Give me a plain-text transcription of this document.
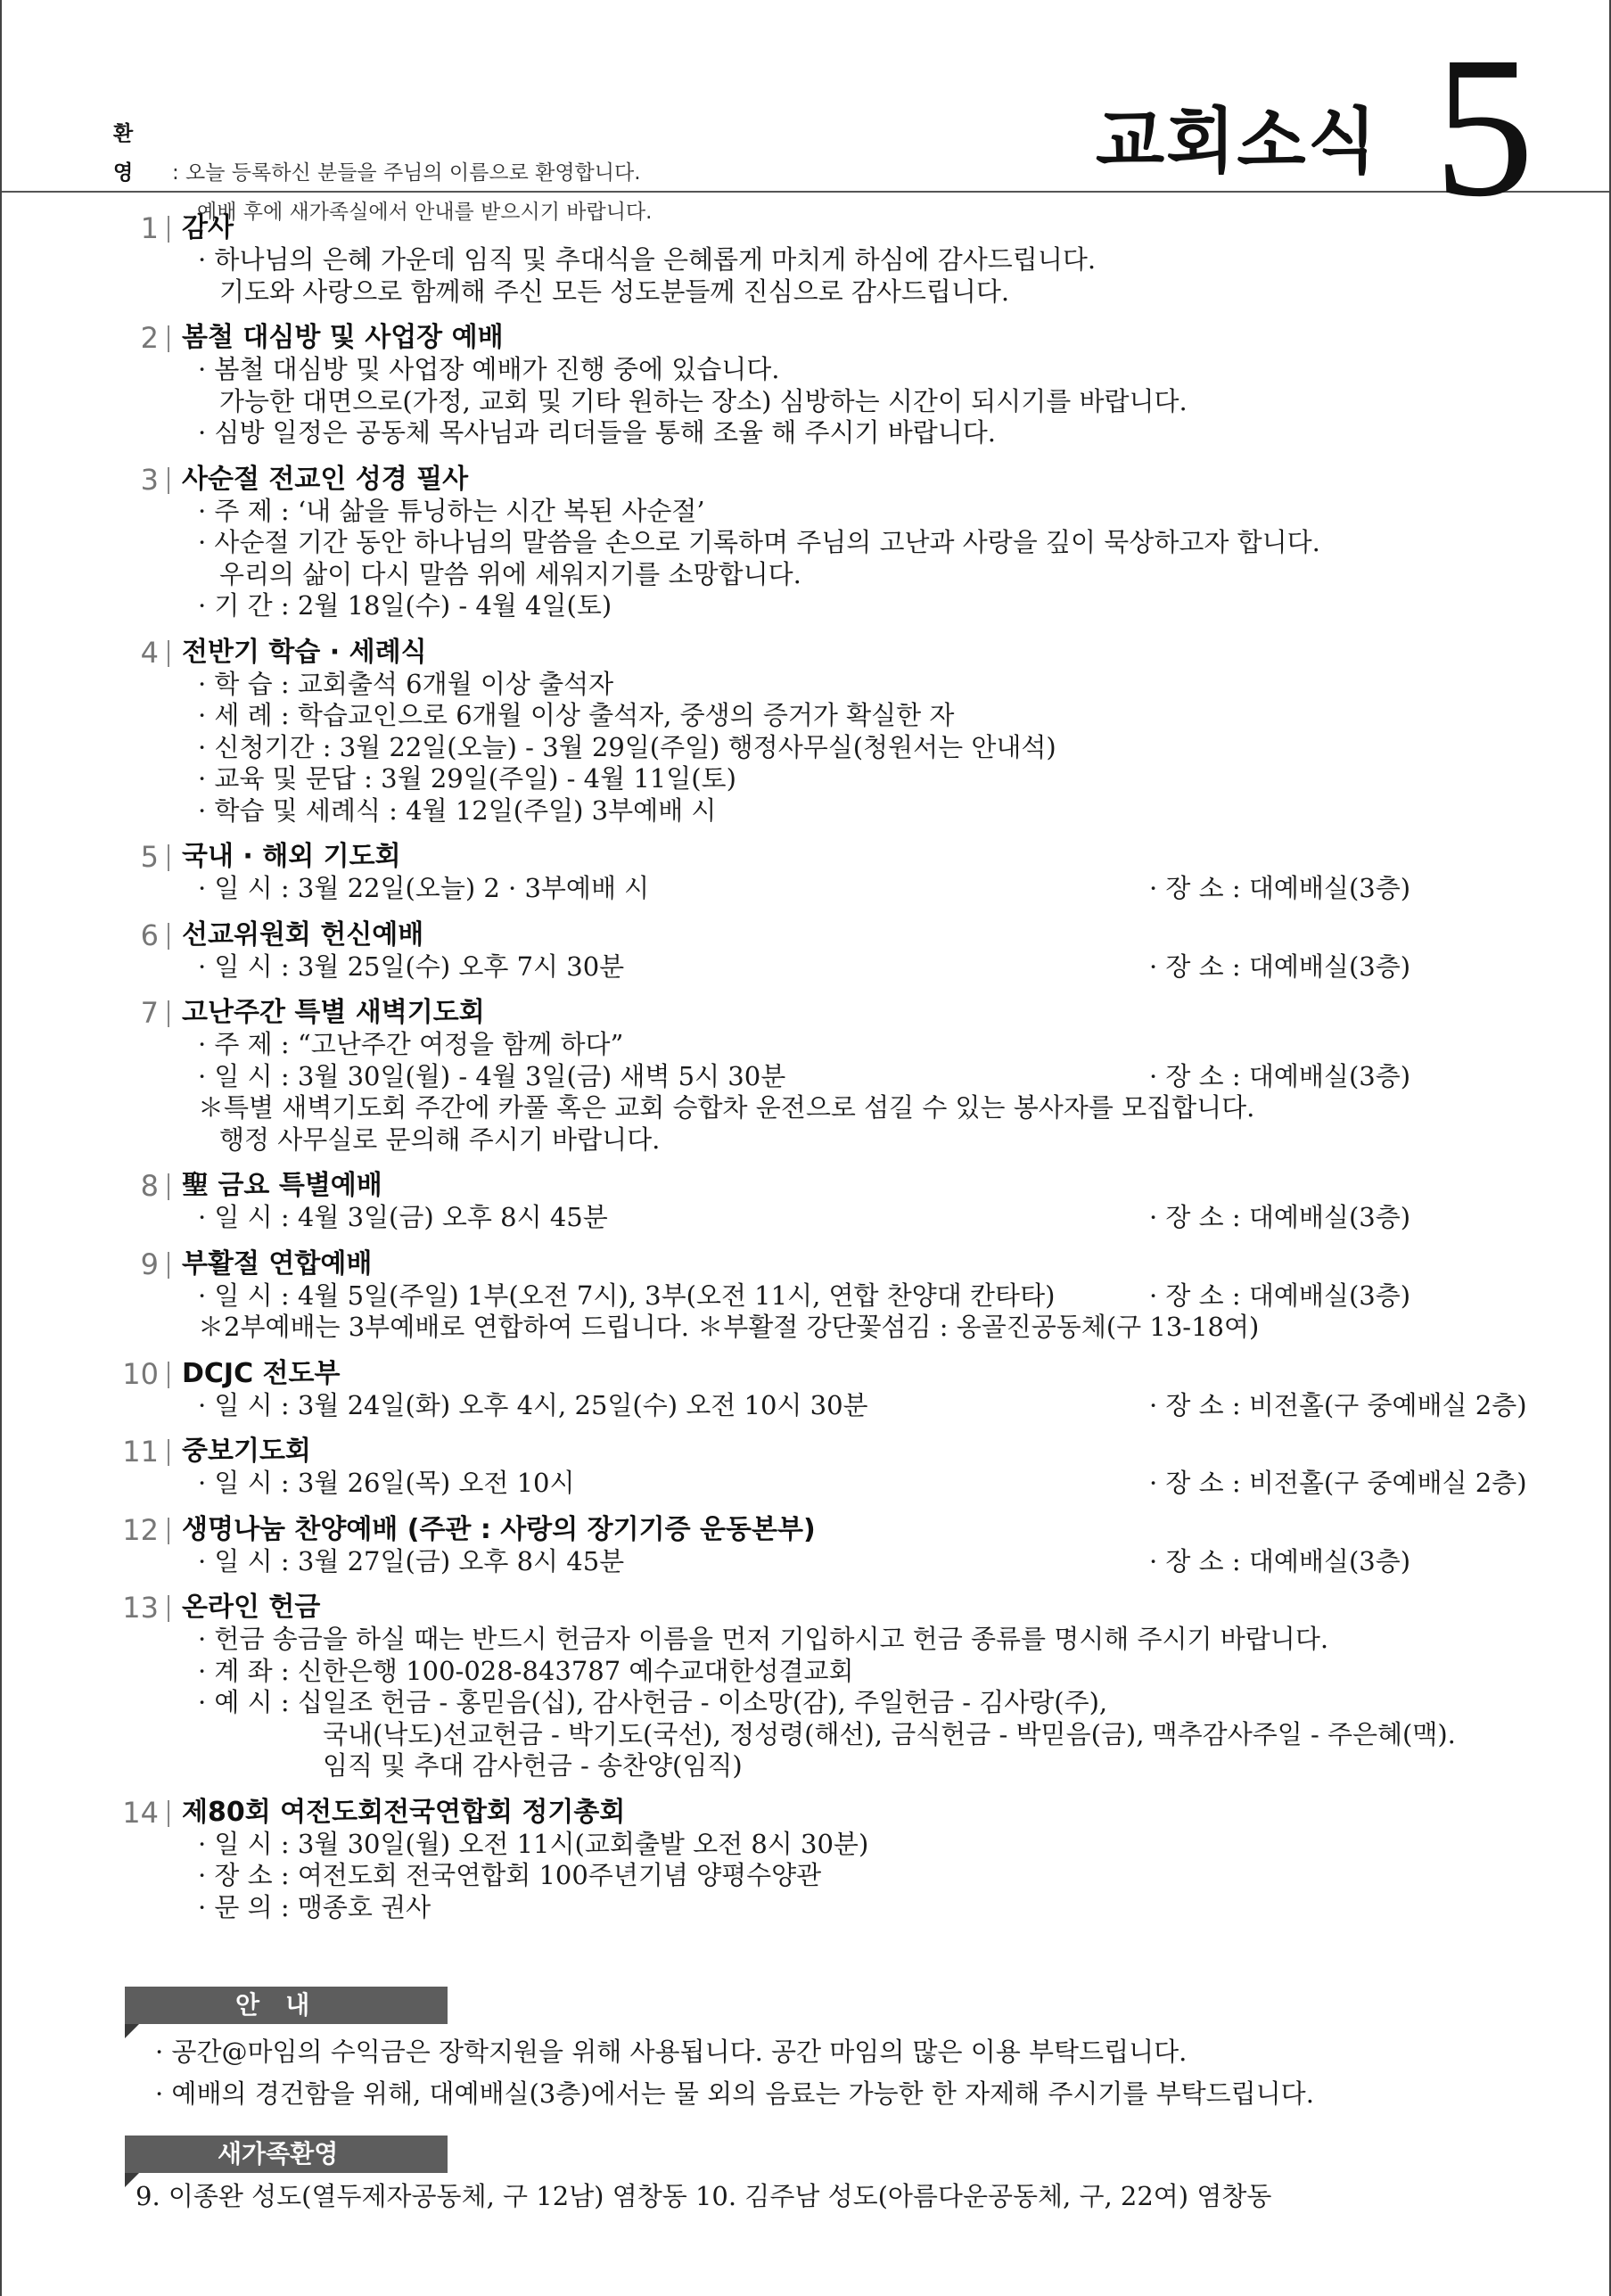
환 영 : 오늘 등록하신 분들을 주님의 이름으로 환영합니다.
예배 후에 새가족실에서 안내를 받으시기 바랍니다.
교회소식 5
1 감사
· 하나님의 은혜 가운데 임직 및 추대식을 은혜롭게 마치게 하심에 감사드립니다.
기도와 사랑으로 함께해 주신 모든 성도분들께 진심으로 감사드립니다.
2 봄철 대심방 및 사업장 예배
· 봄철 대심방 및 사업장 예배가 진행 중에 있습니다.
가능한 대면으로(가정, 교회 및 기타 원하는 장소) 심방하는 시간이 되시기를 바랍니다.
· 심방 일정은 공동체 목사님과 리더들을 통해 조율 해 주시기 바랍니다.
3 사순절 전교인 성경 필사
· 주 제 : ‘내 삶을 튜닝하는 시간 복된 사순절’
· 사순절 기간 동안 하나님의 말씀을 손으로 기록하며 주님의 고난과 사랑을 깊이 묵상하고자 합니다.
우리의 삶이 다시 말씀 위에 세워지기를 소망합니다.
· 기 간 : 2월 18일(수) - 4월 4일(토)
4 전반기 학습 · 세례식
· 학 습 : 교회출석 6개월 이상 출석자
· 세 례 : 학습교인으로 6개월 이상 출석자, 중생의 증거가 확실한 자
· 신청기간 : 3월 22일(오늘) - 3월 29일(주일) 행정사무실(청원서는 안내석)
· 교육 및 문답 : 3월 29일(주일) - 4월 11일(토)
· 학습 및 세례식 : 4월 12일(주일) 3부예배 시
5 국내 · 해외 기도회
· 일 시 : 3월 22일(오늘) 2 · 3부예배 시	· 장 소 : 대예배실(3층)
6 선교위원회 헌신예배
· 일 시 : 3월 25일(수) 오후 7시 30분	· 장 소 : 대예배실(3층)
7 고난주간 특별 새벽기도회
· 주 제 : “고난주간 여정을 함께 하다”
· 일 시 : 3월 30일(월) - 4월 3일(금) 새벽 5시 30분	· 장 소 : 대예배실(3층)
＊특별 새벽기도회 주간에 카풀 혹은 교회 승합차 운전으로 섬길 수 있는 봉사자를 모집합니다.
행정 사무실로 문의해 주시기 바랍니다.
8 聖 금요 특별예배
· 일 시 : 4월 3일(금) 오후 8시 45분	· 장 소 : 대예배실(3층)
9 부활절 연합예배
· 일 시 : 4월 5일(주일) 1부(오전 7시), 3부(오전 11시, 연합 찬양대 칸타타)	· 장 소 : 대예배실(3층)
＊2부예배는 3부예배로 연합하여 드립니다. ＊부활절 강단꽃섬김 : 옹골진공동체(구 13-18여)
10 DCJC 전도부
· 일 시 : 3월 24일(화) 오후 4시, 25일(수) 오전 10시 30분	· 장 소 : 비전홀(구 중예배실 2층)
11 중보기도회
· 일 시 : 3월 26일(목) 오전 10시	· 장 소 : 비전홀(구 중예배실 2층)
12 생명나눔 찬양예배 (주관 : 사랑의 장기기증 운동본부)
· 일 시 : 3월 27일(금) 오후 8시 45분	· 장 소 : 대예배실(3층)
13 온라인 헌금
· 헌금 송금을 하실 때는 반드시 헌금자 이름을 먼저 기입하시고 헌금 종류를 명시해 주시기 바랍니다.
· 계 좌 : 신한은행 100-028-843787 예수교대한성결교회
· 예 시 : 십일조 헌금 - 홍믿음(십), 감사헌금 - 이소망(감), 주일헌금 - 김사랑(주),
국내(낙도)선교헌금 - 박기도(국선), 정성령(해선), 금식헌금 - 박믿음(금), 맥추감사주일 - 주은혜(맥).
임직 및 추대 감사헌금 - 송찬양(임직)
14 제80회 여전도회전국연합회 정기총회
· 일 시 : 3월 30일(월) 오전 11시(교회출발 오전 8시 30분)
· 장 소 : 여전도회 전국연합회 100주년기념 양평수양관
· 문 의 : 맹종호 권사
안   내
· 공간@마임의 수익금은 장학지원을 위해 사용됩니다. 공간 마임의 많은 이용 부탁드립니다.
· 예배의 경건함을 위해, 대예배실(3층)에서는 물 외의 음료는 가능한 한 자제해 주시기를 부탁드립니다.
새가족환영
9. 이종완 성도(열두제자공동체, 구 12남) 염창동 10. 김주남 성도(아름다운공동체, 구, 22여) 염창동
